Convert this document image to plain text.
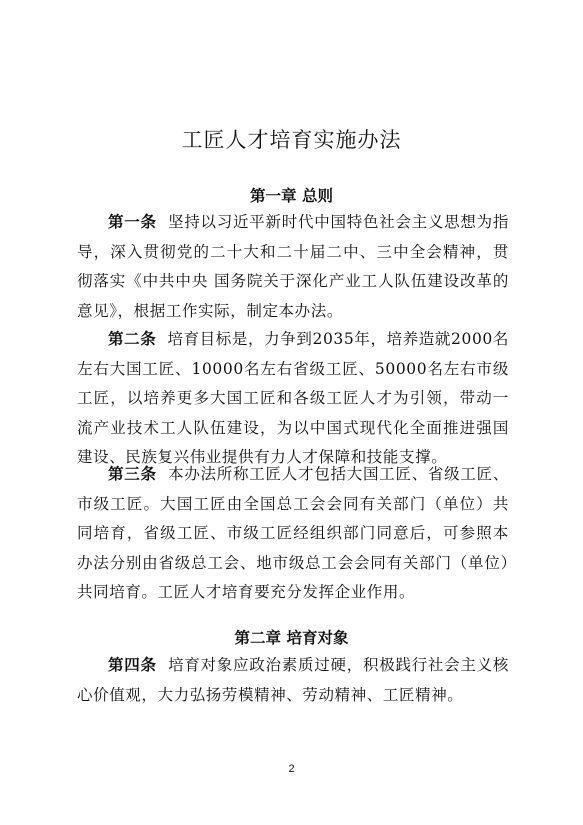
工匠人才培育实施办法
第一章 总则

第一条 坚持以习近平新时代中国特色社会主义思想为指导，深入贯彻党的二十大和二十届二中、三中全会精神，贯彻落实《中共中央 国务院关于深化产业工人队伍建设改革的意见》，根据工作实际，制定本办法。

第二条 培育目标是，力争到2035年，培养造就2000名左右大国工匠、10000名左右省级工匠、50000名左右市级工匠，以培养更多大国工匠和各级工匠人才为引领，带动一流产业技术工人队伍建设，为以中国式现代化全面推进强国建设、民族复兴伟业提供有力人才保障和技能支撑。

第三条 本办法所称工匠人才包括大国工匠、省级工匠、市级工匠。大国工匠由全国总工会会同有关部门（单位）共同培育，省级工匠、市级工匠经组织部门同意后，可参照本办法分别由省级总工会、地市级总工会会同有关部门（单位）共同培育。工匠人才培育要充分发挥企业作用。

第二章 培育对象

第四条 培育对象应政治素质过硬，积极践行社会主义核心价值观，大力弘扬劳模精神、劳动精神、工匠精神。

2
